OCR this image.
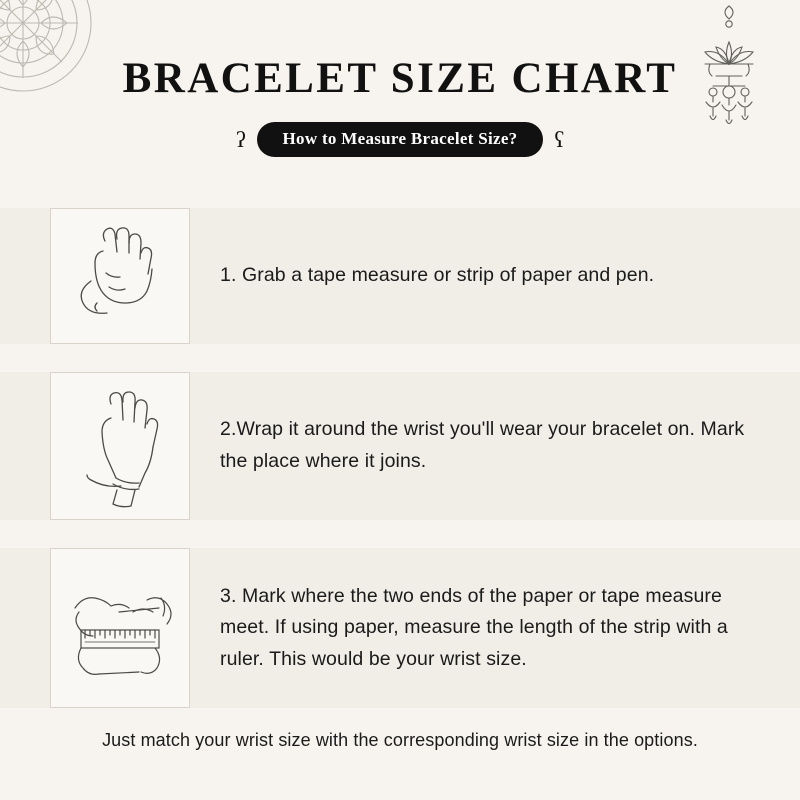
BRACELET SIZE CHART
ʕ	How to Measure Bracelet Size?	ʕ
1. Grab a tape measure or strip of paper and pen.
2.Wrap it around the wrist you'll wear your bracelet on. Mark the place where it joins.
3. Mark where the two ends of the paper or tape measure meet. If using paper, measure the length of the strip with a ruler. This would be your wrist size.
Just match your wrist size with the corresponding wrist size in the options.
